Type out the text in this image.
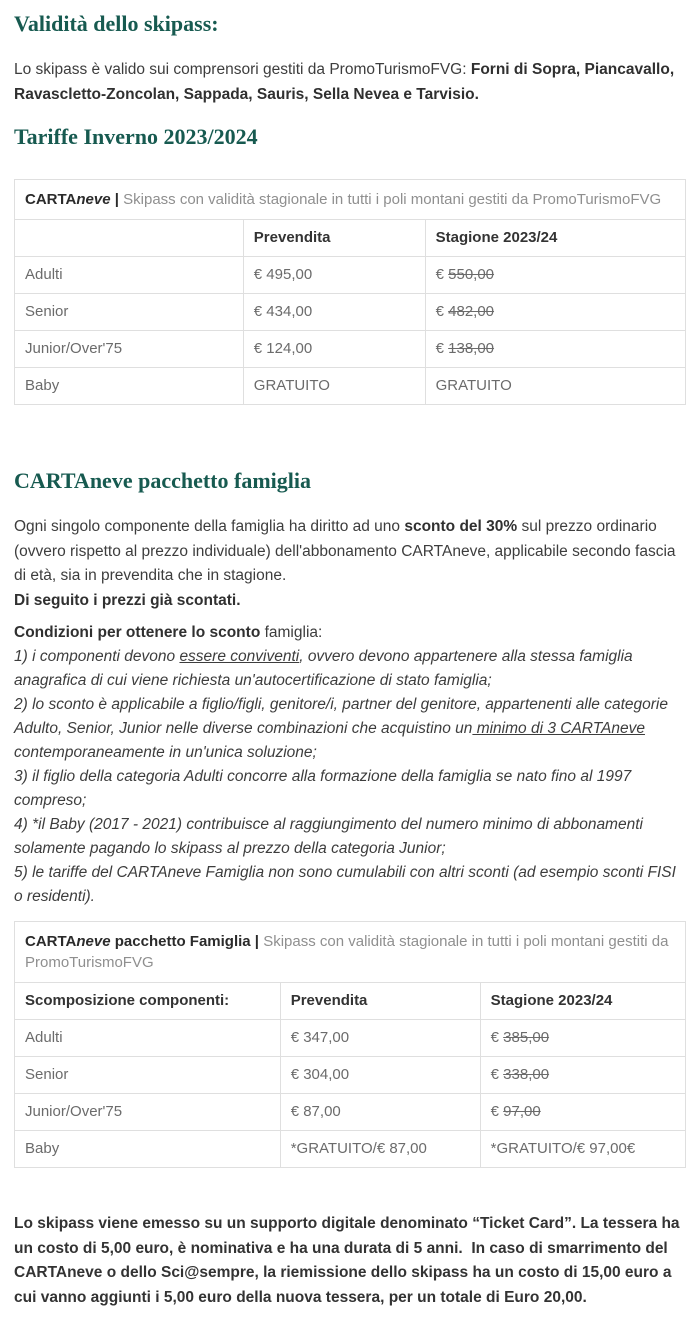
Validità dello skipass:

Lo skipass è valido sui comprensori gestiti da PromoTurismoFVG: Forni di Sopra, Piancavallo, Ravascletto-Zoncolan, Sappada, Sauris, Sella Nevea e Tarvisio.

Tariffe Inverno 2023/2024
CARTAneve | Skipass con validità stagionale in tutti i poli montani gestiti da PromoTurismoFVG		
	Prevendita	Stagione 2023/24
Adulti	€ 495,00	€ 550,00
Senior	€ 434,00	€ 482,00
Junior/Over'75	€ 124,00	€ 138,00
Baby	GRATUITO	GRATUITO
CARTAneve pacchetto famiglia

Ogni singolo componente della famiglia ha diritto ad uno sconto del 30% sul prezzo ordinario (ovvero rispetto al prezzo individuale) dell'abbonamento CARTAneve, applicabile secondo fascia di età, sia in prevendita che in stagione.
Di seguito i prezzi già scontati.

Condizioni per ottenere lo sconto famiglia:
1) i componenti devono essere conviventi, ovvero devono appartenere alla stessa famiglia anagrafica di cui viene richiesta un'autocertificazione di stato famiglia;
2) lo sconto è applicabile a figlio/figli, genitore/i, partner del genitore, appartenenti alle categorie Adulto, Senior, Junior nelle diverse combinazioni che acquistino un minimo di 3 CARTAneve contemporaneamente in un'unica soluzione;
3) il figlio della categoria Adulti concorre alla formazione della famiglia se nato fino al 1997 compreso;
4) *il Baby (2017 - 2021) contribuisce al raggiungimento del numero minimo di abbonamenti solamente pagando lo skipass al prezzo della categoria Junior;
5) le tariffe del CARTAneve Famiglia non sono cumulabili con altri sconti (ad esempio sconti FISI o residenti).
CARTAneve pacchetto Famiglia | Skipass con validità stagionale in tutti i poli montani gestiti da PromoTurismoFVG		
Scomposizione componenti:	Prevendita	Stagione 2023/24
Adulti	€ 347,00	€ 385,00
Senior	€ 304,00	€ 338,00
Junior/Over'75	€ 87,00	€ 97,00
Baby	*GRATUITO/€ 87,00	*GRATUITO/€ 97,00€

Lo skipass viene emesso su un supporto digitale denominato “Ticket Card”. La tessera ha un costo di 5,00 euro, è nominativa e ha una durata di 5 anni.  In caso di smarrimento del CARTAneve o dello Sci@sempre, la riemissione dello skipass ha un costo di 15,00 euro a cui vanno aggiunti i 5,00 euro della nuova tessera, per un totale di Euro 20,00.
